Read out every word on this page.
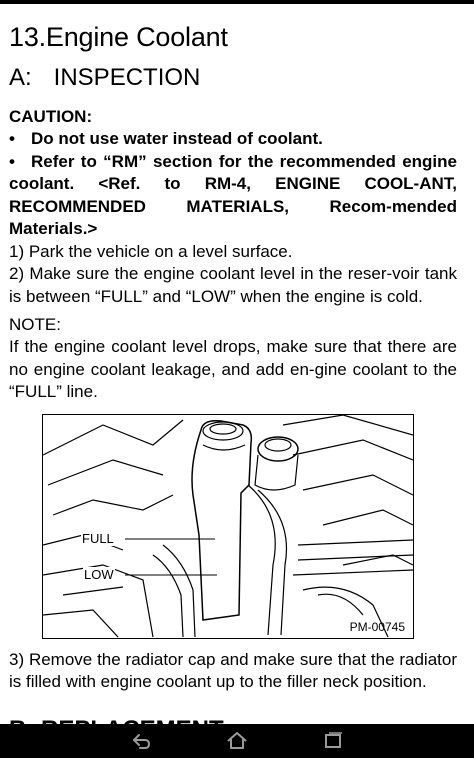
13.Engine Coolant
A: INSPECTION
CAUTION:
• Do not use water instead of coolant.
• Refer to “RM” section for the recommended engine coolant. <Ref. to RM-4, ENGINE COOL-ANT, RECOMMENDED MATERIALS, Recom-mended Materials.>
1) Park the vehicle on a level surface.
2) Make sure the engine coolant level in the reser-voir tank is between “FULL” and “LOW” when the engine is cold.
NOTE:
If the engine coolant level drops, make sure that there are no engine coolant leakage, and add en-gine coolant to the “FULL” line.
FULL
LOW
PM-00745
3) Remove the radiator cap and make sure that the radiator is filled with engine coolant up to the filler neck position.
